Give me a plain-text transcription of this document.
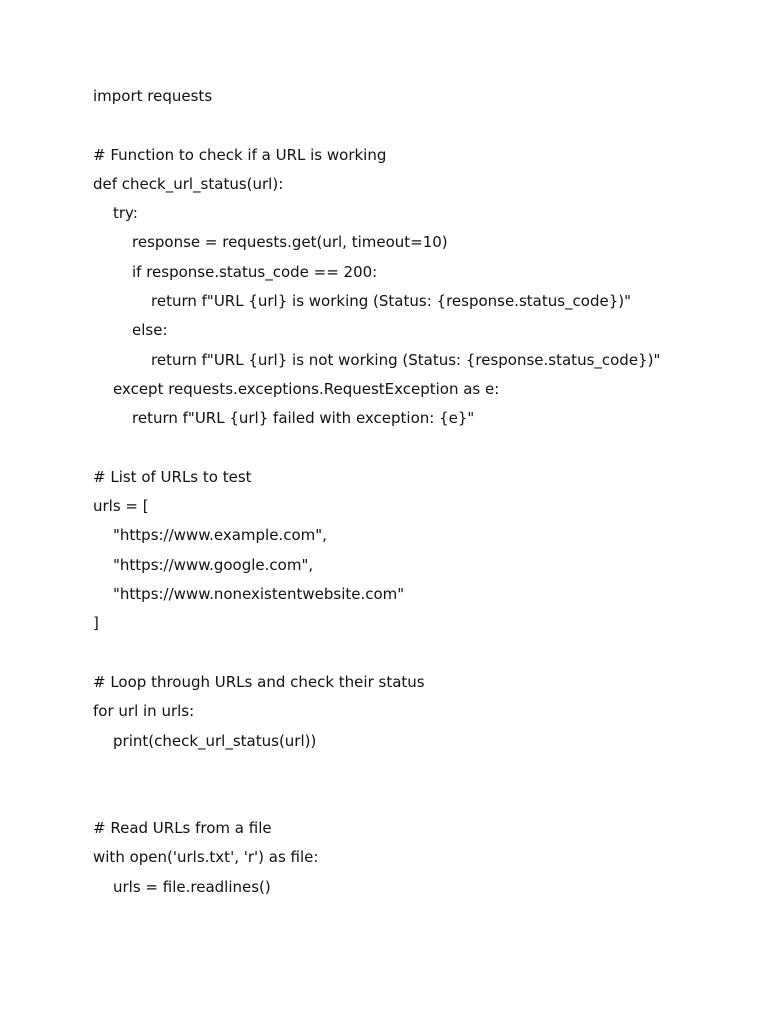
import requests
# Function to check if a URL is working
def check_url_status(url):
try:
response = requests.get(url, timeout=10)
if response.status_code == 200:
return f"URL {url} is working (Status: {response.status_code})"
else:
return f"URL {url} is not working (Status: {response.status_code})"
except requests.exceptions.RequestException as e:
return f"URL {url} failed with exception: {e}"
# List of URLs to test
urls = [
"https://www.example.com",
"https://www.google.com",
"https://www.nonexistentwebsite.com"
]
# Loop through URLs and check their status
for url in urls:
print(check_url_status(url))
# Read URLs from a file
with open('urls.txt', 'r') as file:
urls = file.readlines()
